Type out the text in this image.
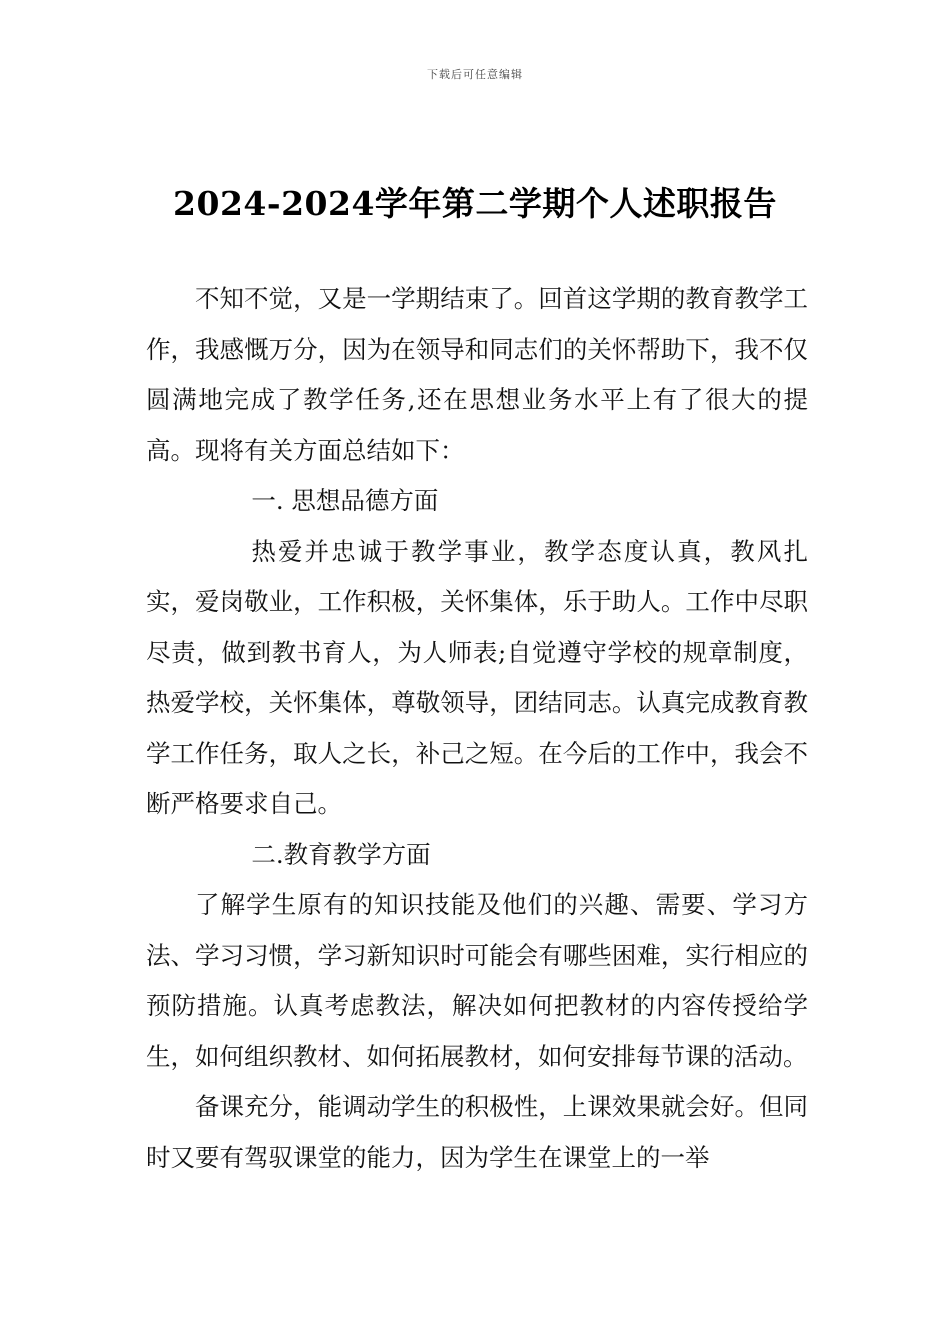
下载后可任意编辑
2024-2024学年第二学期个人述职报告

不知不觉，又是一学期结束了。回首这学期的教育教学工作，我感慨万分，因为在领导和同志们的关怀帮助下，我不仅圆满地完成了教学任务,还在思想业务水平上有了很大的提高。现将有关方面总结如下：

一. 思想品德方面

热爱并忠诚于教学事业，教学态度认真，教风扎实，爱岗敬业，工作积极，关怀集体，乐于助人。工作中尽职尽责，做到教书育人，为人师表;自觉遵守学校的规章制度，热爱学校，关怀集体，尊敬领导，团结同志。认真完成教育教学工作任务，取人之长，补己之短。在今后的工作中，我会不断严格要求自己。

二.教育教学方面

了解学生原有的知识技能及他们的兴趣、需要、学习方法、学习习惯，学习新知识时可能会有哪些困难，实行相应的预防措施。认真考虑教法，解决如何把教材的内容传授给学生，如何组织教材、如何拓展教材，如何安排每节课的活动。

备课充分，能调动学生的积极性，上课效果就会好。但同时又要有驾驭课堂的能力，因为学生在课堂上的一举
